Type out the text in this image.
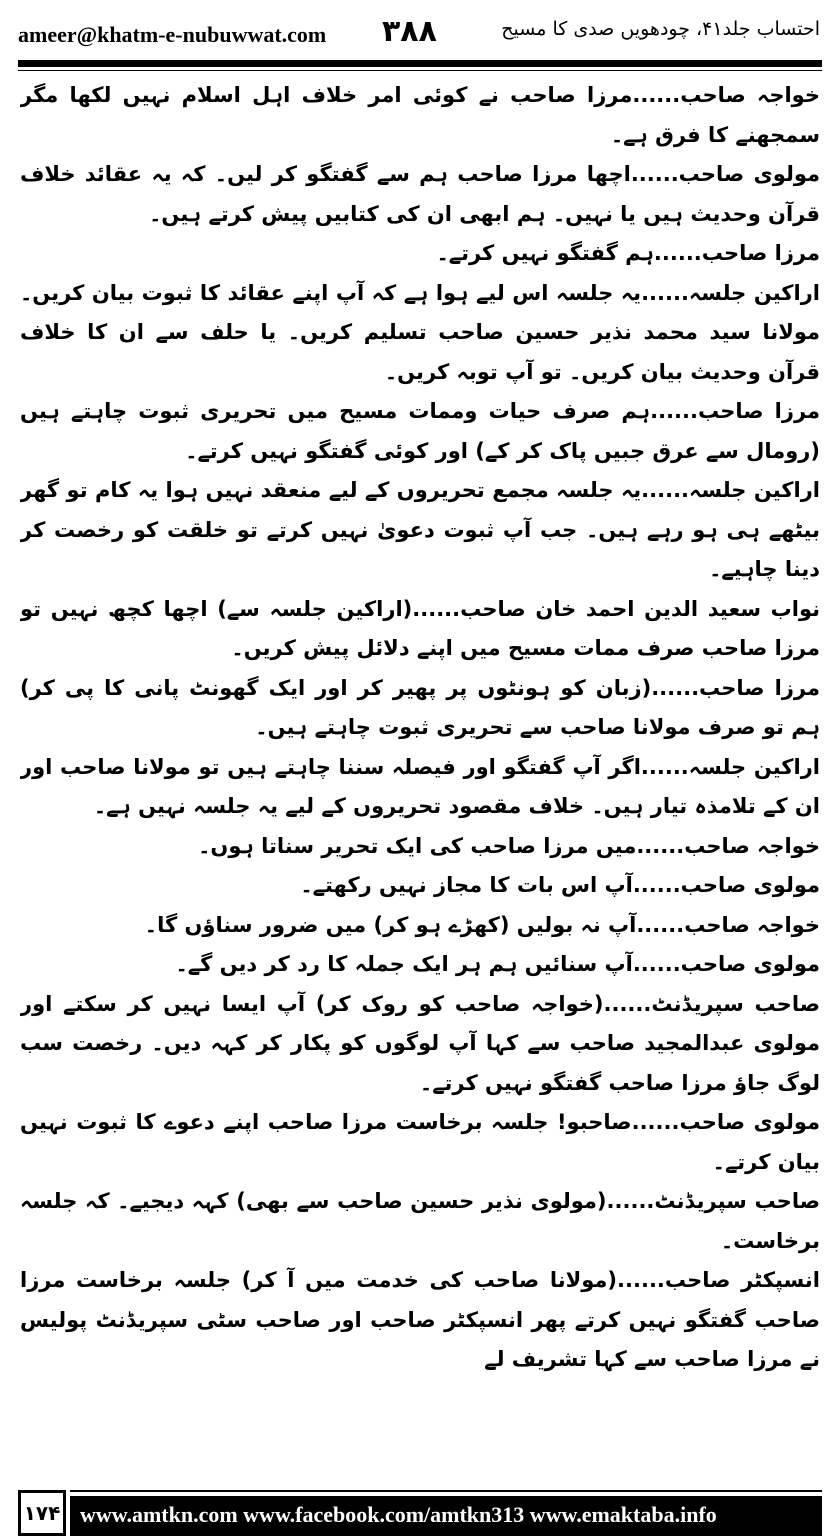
ameer@khatm-e-nubuwwat.com ۳۸۸	احتساب جلد۴۱، چودھویں صدی کا مسیح

خواجہ صاحب......مرزا صاحب نے کوئی امر خلاف اہل اسلام نہیں لکھا مگر سمجھنے کا فرق ہے۔

مولوی صاحب......اچھا مرزا صاحب ہم سے گفتگو کر لیں۔ کہ یہ عقائد خلاف قرآن وحدیث ہیں یا نہیں۔ ہم ابھی ان کی کتابیں پیش کرتے ہیں۔

مرزا صاحب......ہم گفتگو نہیں کرتے۔

اراکین جلسہ......یہ جلسہ اس لیے ہوا ہے کہ آپ اپنے عقائد کا ثبوت بیان کریں۔ مولانا سید محمد نذیر حسین صاحب تسلیم کریں۔ یا حلف سے ان کا خلاف قرآن وحدیث بیان کریں۔ تو آپ توبہ کریں۔

مرزا صاحب......ہم صرف حیات وممات مسیح میں تحریری ثبوت چاہتے ہیں (رومال سے عرق جبیں پاک کر کے) اور کوئی گفتگو نہیں کرتے۔

اراکین جلسہ......یہ جلسہ مجمع تحریروں کے لیے منعقد نہیں ہوا یہ کام تو گھر بیٹھے ہی ہو رہے ہیں۔ جب آپ ثبوت دعویٰ نہیں کرتے تو خلقت کو رخصت کر دینا چاہیے۔

نواب سعید الدین احمد خان صاحب......(اراکین جلسہ سے) اچھا کچھ نہیں تو مرزا صاحب صرف ممات مسیح میں اپنے دلائل پیش کریں۔

مرزا صاحب......(زبان کو ہونٹوں پر پھیر کر اور ایک گھونٹ پانی کا پی کر) ہم تو صرف مولانا صاحب سے تحریری ثبوت چاہتے ہیں۔

اراکین جلسہ......اگر آپ گفتگو اور فیصلہ سننا چاہتے ہیں تو مولانا صاحب اور ان کے تلامذہ تیار ہیں۔ خلاف مقصود تحریروں کے لیے یہ جلسہ نہیں ہے۔

خواجہ صاحب......میں مرزا صاحب کی ایک تحریر سناتا ہوں۔

مولوی صاحب......آپ اس بات کا مجاز نہیں رکھتے۔

خواجہ صاحب......آپ نہ بولیں (کھڑے ہو کر) میں ضرور سناؤں گا۔

مولوی صاحب......آپ سنائیں ہم ہر ایک جملہ کا رد کر دیں گے۔

صاحب سپریڈنٹ......(خواجہ صاحب کو روک کر) آپ ایسا نہیں کر سکتے اور مولوی عبدالمجید صاحب سے کہا آپ لوگوں کو پکار کر کہہ دیں۔ رخصت سب لوگ جاؤ مرزا صاحب گفتگو نہیں کرتے۔

مولوی صاحب......صاحبو! جلسہ برخاست مرزا صاحب اپنے دعوے کا ثبوت نہیں بیان کرتے۔

صاحب سپریڈنٹ......(مولوی نذیر حسین صاحب سے بھی) کہہ دیجیے۔ کہ جلسہ برخاست۔

انسپکٹر صاحب......(مولانا صاحب کی خدمت میں آ کر) جلسہ برخاست مرزا صاحب گفتگو نہیں کرتے پھر انسپکٹر صاحب اور صاحب سٹی سپریڈنٹ پولیس نے مرزا صاحب سے کہا تشریف لے

۱۷۴ www.amtkn.com www.facebook.com/amtkn313 www.emaktaba.info
